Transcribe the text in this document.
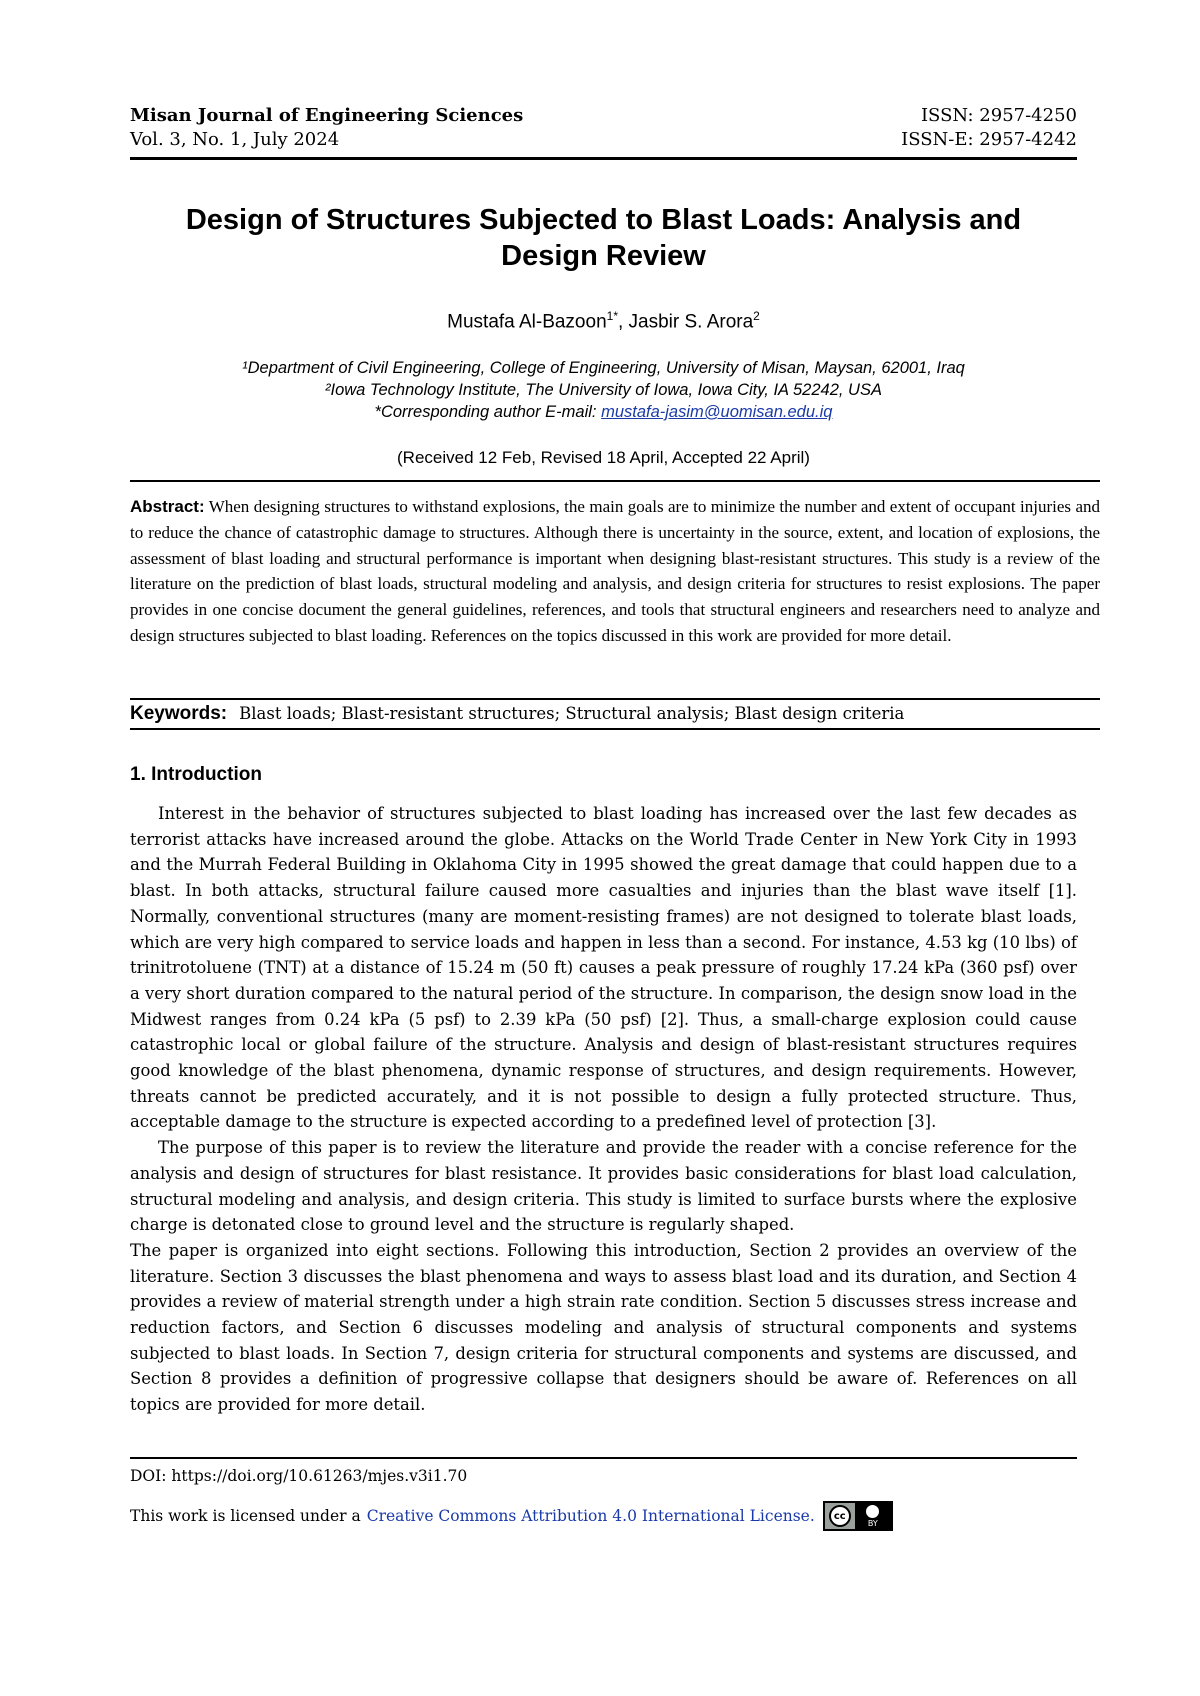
Misan Journal of Engineering Sciences	ISSN: 2957-4250
Vol. 3, No. 1, July 2024	ISSN-E: 2957-4242
Design of Structures Subjected to Blast Loads: Analysis and Design Review
Mustafa Al-Bazoon$^{1*}$, Jasbir S. Arora$^2$
¹Department of Civil Engineering, College of Engineering, University of Misan, Maysan, 62001, Iraq
²Iowa Technology Institute, The University of Iowa, Iowa City, IA 52242, USA
*Corresponding author E-mail: mustafa-jasim@uomisan.edu.iq
(Received 12 Feb, Revised 18 April, Accepted 22 April)
Abstract: When designing structures to withstand explosions, the main goals are to minimize the number and extent of occupant injuries and to reduce the chance of catastrophic damage to structures. Although there is uncertainty in the source, extent, and location of explosions, the assessment of blast loading and structural performance is important when designing blast-resistant structures. This study is a review of the literature on the prediction of blast loads, structural modeling and analysis, and design criteria for structures to resist explosions. The paper provides in one concise document the general guidelines, references, and tools that structural engineers and researchers need to analyze and design structures subjected to blast loading. References on the topics discussed in this work are provided for more detail.
Keywords: Blast loads; Blast-resistant structures; Structural analysis; Blast design criteria
1. Introduction

Interest in the behavior of structures subjected to blast loading has increased over the last few decades as terrorist attacks have increased around the globe. Attacks on the World Trade Center in New York City in 1993 and the Murrah Federal Building in Oklahoma City in 1995 showed the great damage that could happen due to a blast. In both attacks, structural failure caused more casualties and injuries than the blast wave itself [1]. Normally, conventional structures (many are moment-resisting frames) are not designed to tolerate blast loads, which are very high compared to service loads and happen in less than a second. For instance, 4.53 kg (10 lbs) of trinitrotoluene (TNT) at a distance of 15.24 m (50 ft) causes a peak pressure of roughly 17.24 kPa (360 psf) over a very short duration compared to the natural period of the structure. In comparison, the design snow load in the Midwest ranges from 0.24 kPa (5 psf) to 2.39 kPa (50 psf) [2]. Thus, a small-charge explosion could cause catastrophic local or global failure of the structure. Analysis and design of blast-resistant structures requires good knowledge of the blast phenomena, dynamic response of structures, and design requirements. However, threats cannot be predicted accurately, and it is not possible to design a fully protected structure. Thus, acceptable damage to the structure is expected according to a predefined level of protection [3].

The purpose of this paper is to review the literature and provide the reader with a concise reference for the analysis and design of structures for blast resistance. It provides basic considerations for blast load calculation, structural modeling and analysis, and design criteria. This study is limited to surface bursts where the explosive charge is detonated close to ground level and the structure is regularly shaped.

The paper is organized into eight sections. Following this introduction, Section 2 provides an overview of the literature. Section 3 discusses the blast phenomena and ways to assess blast load and its duration, and Section 4 provides a review of material strength under a high strain rate condition. Section 5 discusses stress increase and reduction factors, and Section 6 discusses modeling and analysis of structural components and systems subjected to blast loads. In Section 7, design criteria for structural components and systems are discussed, and Section 8 provides a definition of progressive collapse that designers should be aware of. References on all topics are provided for more detail.

DOI: https://doi.org/10.61263/mjes.v3i1.70
This work is licensed under a Creative Commons Attribution 4.0 International License.	cc
BY
